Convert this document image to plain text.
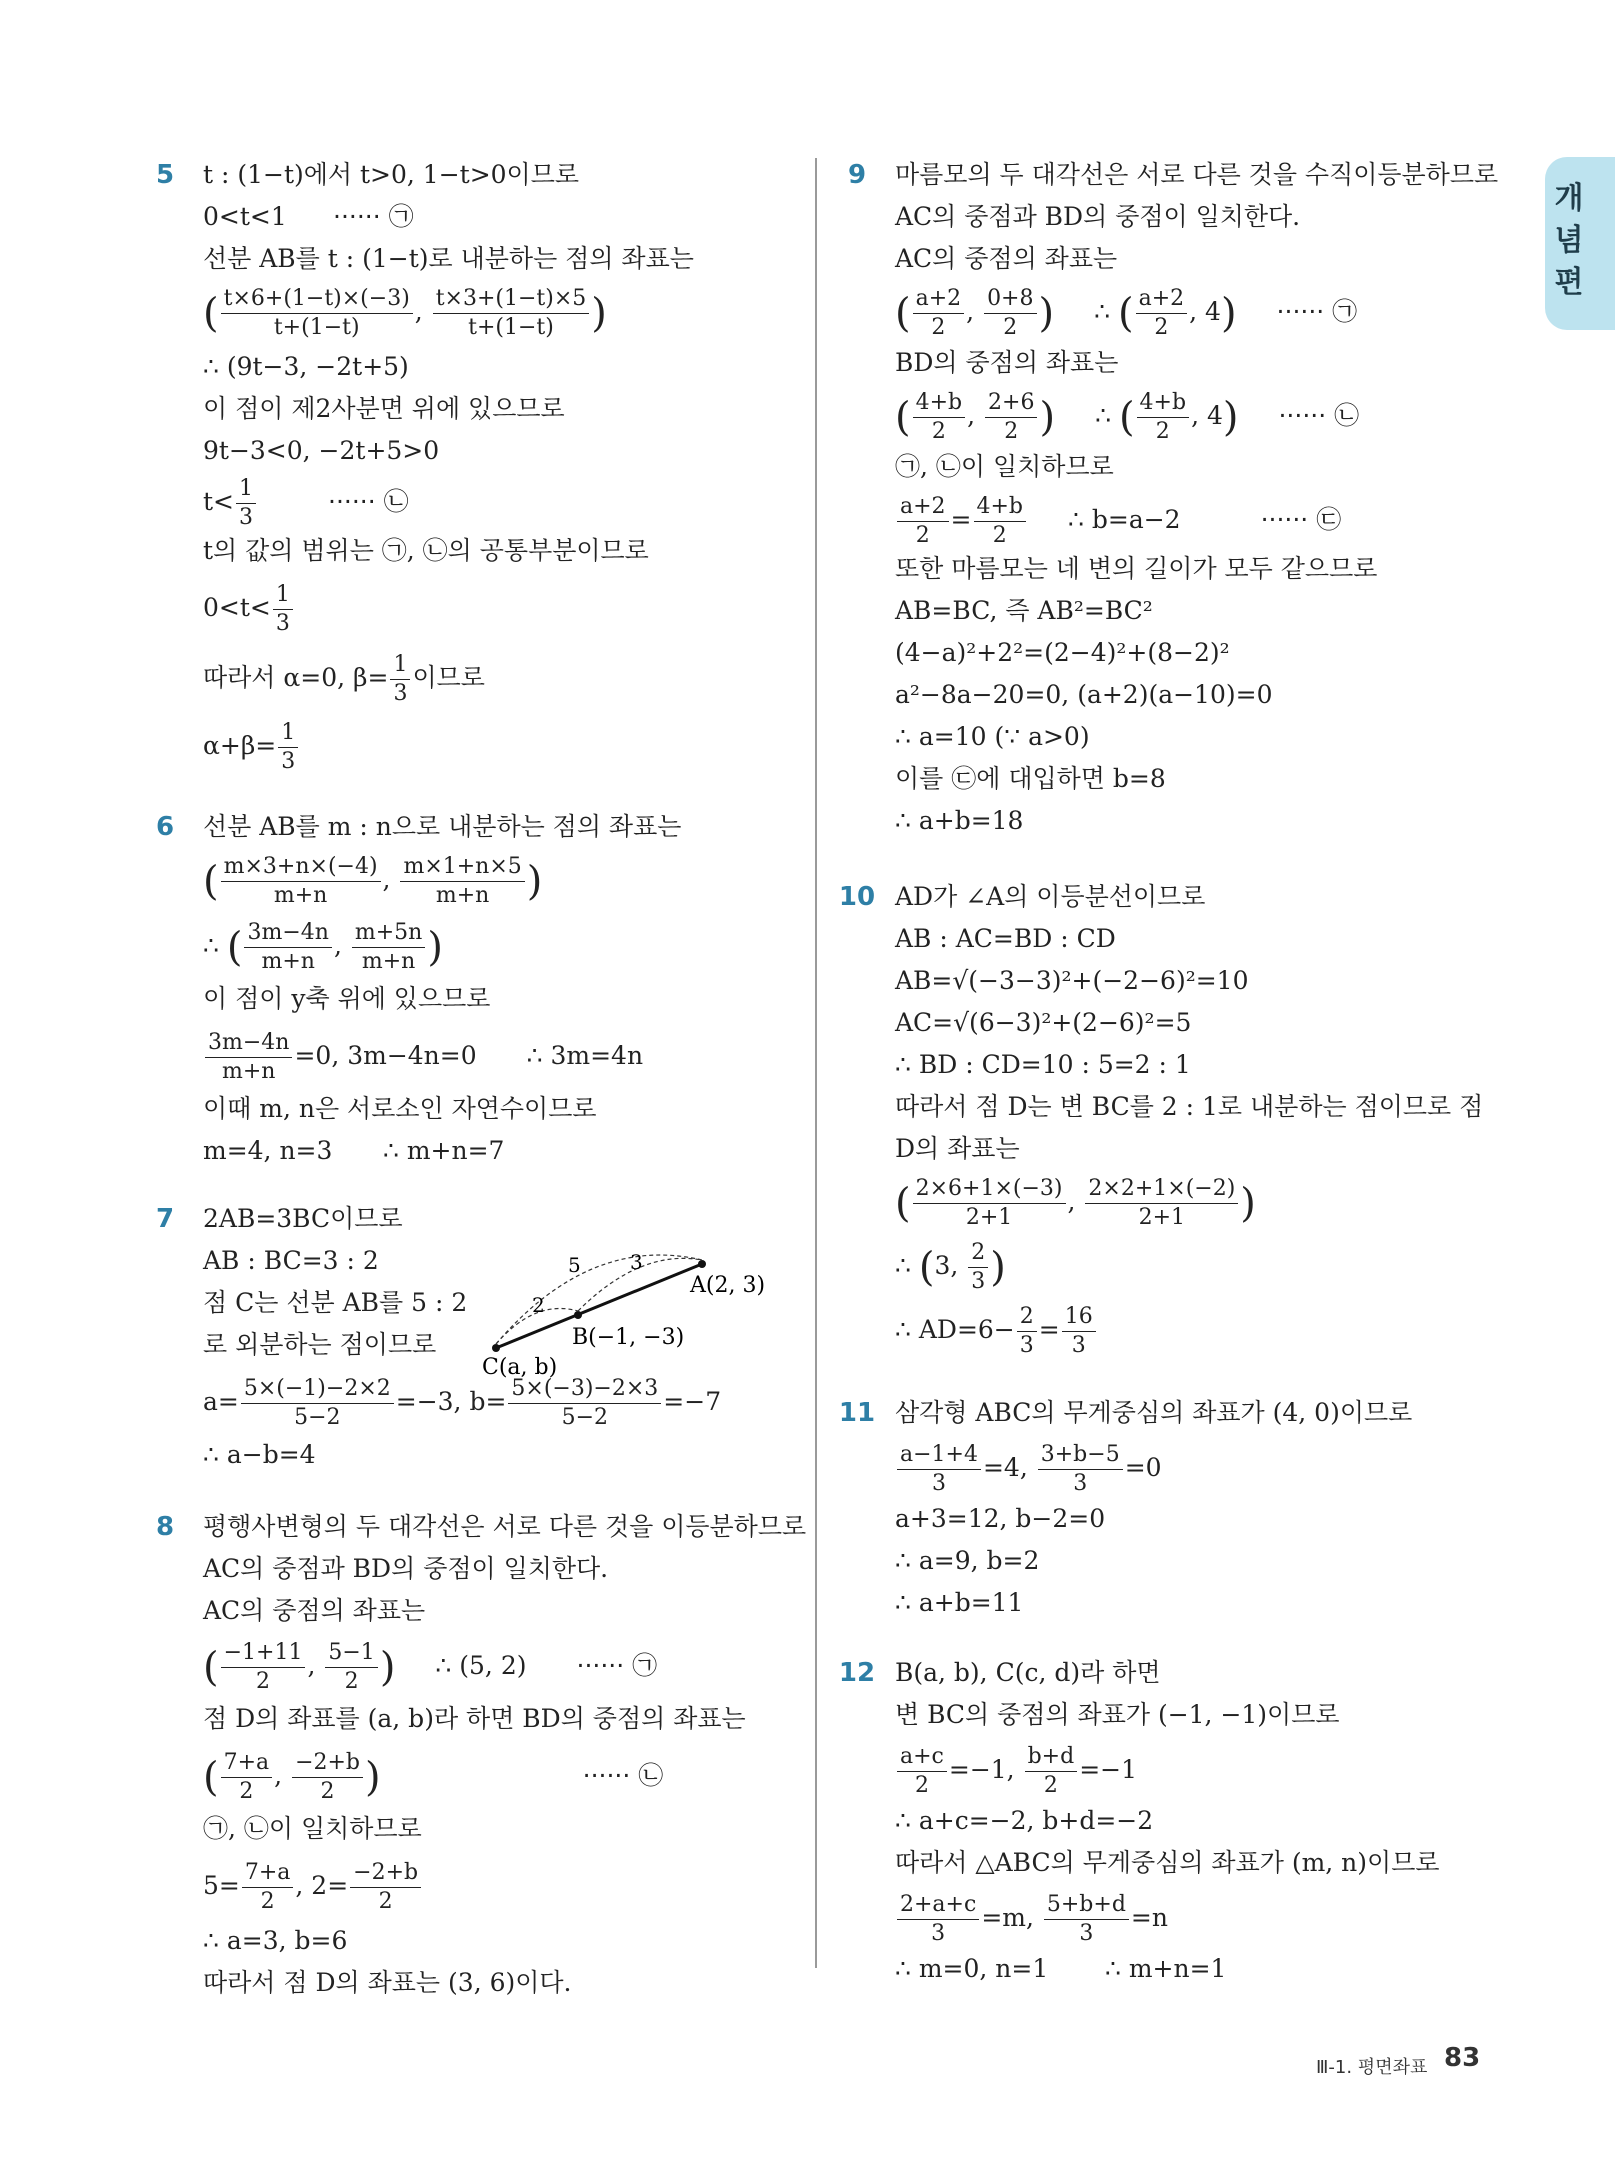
개
념
편
5	t : (1−t)에서 t>0, 1−t>0이므로
0<t<1 ······ ㉠
선분 AB를 t : (1−t)로 내분하는 점의 좌표는
( $\frac{t\times 6+(1-t)\times(-3)}{t+(1-t)}$ , $\frac{t\times 3+(1-t)\times 5}{t+(1-t)}$ )
∴ (9t−3, −2t+5)
이 점이 제2사분면 위에 있으므로
9t−3<0, −2t+5>0
$t< \frac{1}{3}$	······ ㉡
t의 값의 범위는 ㉠, ㉡의 공통부분이므로
$0<t< \frac{1}{3}$
따라서 α=0, $\beta= \frac{1}{3}$ 이므로
$\alpha+\beta= \frac{1}{3}$
6	선분 AB를 m : n으로 내분하는 점의 좌표는
( $\frac{m\times 3+n\times(-4)}{m+n}$ , $\frac{m\times 1+n\times 5}{m+n}$ )
∴ ( $\frac{3m-4n}{m+n}$ , $\frac{m+5n}{m+n}$ )
이 점이 y축 위에 있으므로
$\frac{3m-4n}{m+n} =0$, 3m−4n=0 ∴ 3m=4n
이때 m, n은 서로소인 자연수이므로
m=4, n=3 ∴ m+n=7
7	2AB=3BC이므로
AB : BC=3 : 2
점 C는 선분 AB를 5 : 2
로 외분하는 점이므로
$a= \frac{5\times(-1)-2\times 2}{5-2} =-3$, $b= \frac{5\times(-3)-2\times 3}{5-2} =-7$
∴ a−b=4
5 3
2
A(2, 3)
B(−1, −3)
C(a, b)
8	평행사변형의 두 대각선은 서로 다른 것을 이등분하므로
AC의 중점과 BD의 중점이 일치한다.
AC의 중점의 좌표는
( $\frac{-1+11}{2}$ , $\frac{5-1}{2}$ ) ∴ (5, 2) ······ ㉠
점 D의 좌표를 (a, b)라 하면 BD의 중점의 좌표는
( $\frac{7+a}{2}$ , $\frac{-2+b}{2}$ )	······ ㉡
㉠, ㉡이 일치하므로
$5= \frac{7+a}{2}$ , $2= \frac{-2+b}{2}$
∴ a=3, b=6
따라서 점 D의 좌표는 (3, 6)이다.
9	마름모의 두 대각선은 서로 다른 것을 수직이등분하므로
AC의 중점과 BD의 중점이 일치한다.
AC의 중점의 좌표는
( $\frac{a+2}{2}$ , $\frac{0+8}{2}$ ) ∴ ( $\frac{a+2}{2}$ , 4) ······ ㉠
BD의 중점의 좌표는
( $\frac{4+b}{2}$ , $\frac{2+6}{2}$ ) ∴ ( $\frac{4+b}{2}$ , 4) ······ ㉡
㉠, ㉡이 일치하므로
$\frac{a+2}{2} = \frac{4+b}{2}$ ∴ b=a−2	······ ㉢
또한 마름모는 네 변의 길이가 모두 같으므로
AB=BC, 즉 AB²=BC²
(4−a)²+2²=(2−4)²+(8−2)²
a²−8a−20=0, (a+2)(a−10)=0
∴ a=10 (∵ a>0)
이를 ㉢에 대입하면 b=8
∴ a+b=18
10 AD가 ∠A의 이등분선이므로
AB : AC=BD : CD
AB=√(−3−3)²+(−2−6)²=10
AC=√(6−3)²+(2−6)²=5
∴ BD : CD=10 : 5=2 : 1
따라서 점 D는 변 BC를 2 : 1로 내분하는 점이므로 점
D의 좌표는
( $\frac{2\times 6+1\times(-3)}{2+1}$ , $\frac{2\times 2+1\times(-2)}{2+1}$ )
∴ (3, $\frac{2}{3}$ )
∴ $AD=6- \frac{2}{3} = \frac{16}{3}$
11 삼각형 ABC의 무게중심의 좌표가 (4, 0)이므로
$\frac{a-1+4}{3} =4$, $\frac{3+b-5}{3} =0$
a+3=12, b−2=0
∴ a=9, b=2
∴ a+b=11
12 B(a, b), C(c, d)라 하면
변 BC의 중점의 좌표가 (−1, −1)이므로
$\frac{a+c}{2} =-1$, $\frac{b+d}{2} =-1$
∴ a+c=−2, b+d=−2
따라서 △ABC의 무게중심의 좌표가 (m, n)이므로
$\frac{2+a+c}{3} =m$, $\frac{5+b+d}{3} =n$
∴ m=0, n=1 ∴ m+n=1
Ⅲ-1. 평면좌표 83
